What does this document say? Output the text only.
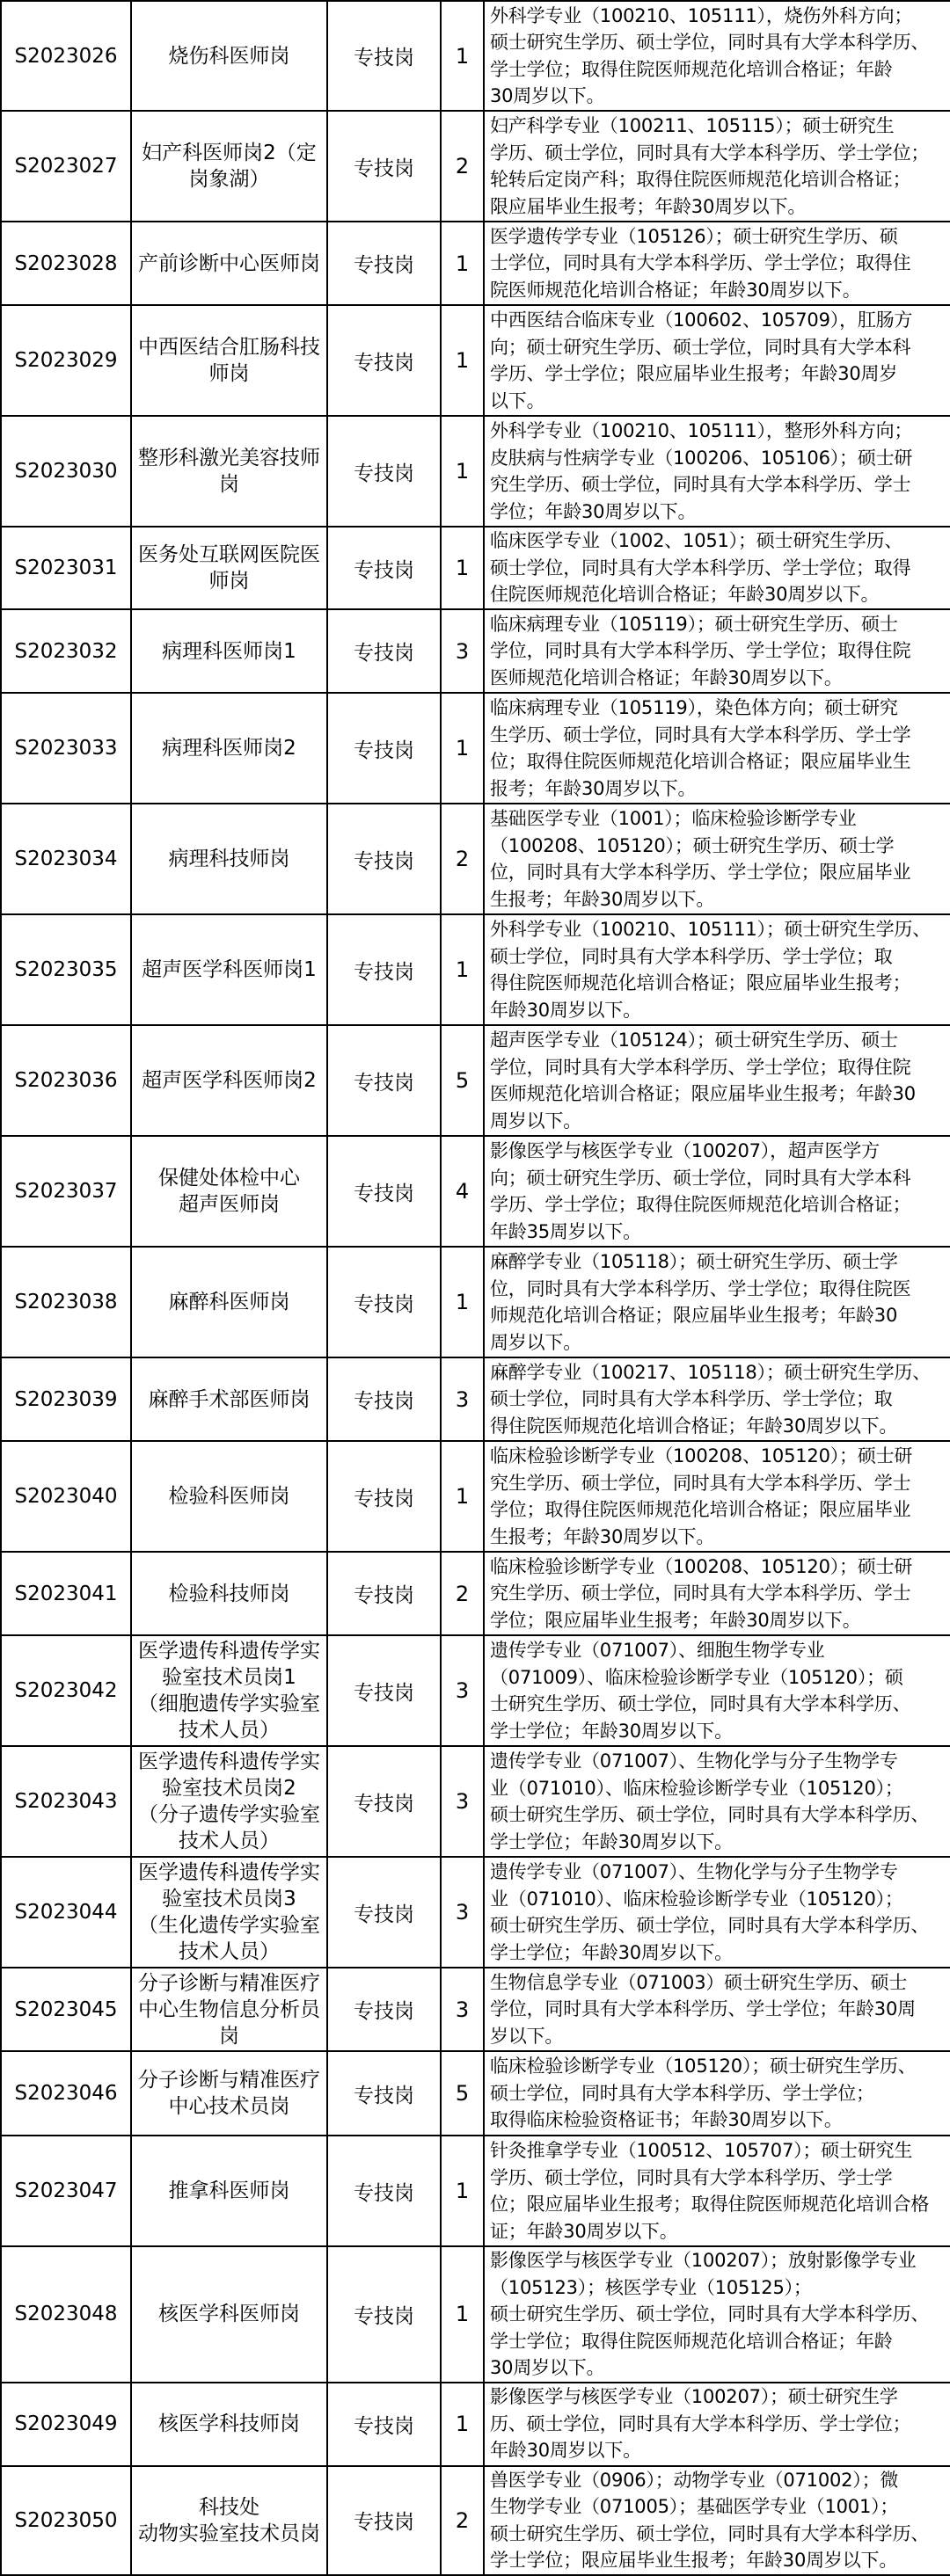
S2023026	烧伤科医师岗	专技岗	1	外科学专业（100210、105111），烧伤外科方向；
硕士研究生学历、硕士学位，同时具有大学本科学历、
学士学位；取得住院医师规范化培训合格证；年龄
30周岁以下。
S2023027	妇产科医师岗2（定
岗象湖）	专技岗	2	妇产科学专业（100211、105115）；硕士研究生
学历、硕士学位，同时具有大学本科学历、学士学位；
轮转后定岗产科；取得住院医师规范化培训合格证；
限应届毕业生报考；年龄30周岁以下。
S2023028	产前诊断中心医师岗	专技岗	1	医学遗传学专业（105126）；硕士研究生学历、硕
士学位，同时具有大学本科学历、学士学位；取得住
院医师规范化培训合格证；年龄30周岁以下。
S2023029	中西医结合肛肠科技
师岗	专技岗	1	中西医结合临床专业（100602、105709），肛肠方
向；硕士研究生学历、硕士学位，同时具有大学本科
学历、学士学位；限应届毕业生报考；年龄30周岁
以下。
S2023030	整形科激光美容技师
岗	专技岗	1	外科学专业（100210、105111），整形外科方向；
皮肤病与性病学专业（100206、105106）；硕士研
究生学历、硕士学位，同时具有大学本科学历、学士
学位；年龄30周岁以下。
S2023031	医务处互联网医院医
师岗	专技岗	1	临床医学专业（1002、1051）；硕士研究生学历、
硕士学位，同时具有大学本科学历、学士学位；取得
住院医师规范化培训合格证；年龄30周岁以下。
S2023032	病理科医师岗1	专技岗	3	临床病理专业（105119）；硕士研究生学历、硕士
学位，同时具有大学本科学历、学士学位；取得住院
医师规范化培训合格证；年龄30周岁以下。
S2023033	病理科医师岗2	专技岗	1	临床病理专业（105119），染色体方向；硕士研究
生学历、硕士学位，同时具有大学本科学历、学士学
位；取得住院医师规范化培训合格证；限应届毕业生
报考；年龄30周岁以下。
S2023034	病理科技师岗	专技岗	2	基础医学专业（1001）；临床检验诊断学专业
（100208、105120）；硕士研究生学历、硕士学
位，同时具有大学本科学历、学士学位；限应届毕业
生报考；年龄30周岁以下。
S2023035	超声医学科医师岗1	专技岗	1	外科学专业（100210、105111）；硕士研究生学历、
硕士学位，同时具有大学本科学历、学士学位；取
得住院医师规范化培训合格证；限应届毕业生报考；
年龄30周岁以下。
S2023036	超声医学科医师岗2	专技岗	5	超声医学专业（105124）；硕士研究生学历、硕士
学位，同时具有大学本科学历、学士学位；取得住院
医师规范化培训合格证；限应届毕业生报考；年龄30
周岁以下。
S2023037	保健处体检中心
超声医师岗	专技岗	4	影像医学与核医学专业（100207），超声医学方
向；硕士研究生学历、硕士学位，同时具有大学本科
学历、学士学位；取得住院医师规范化培训合格证；
年龄35周岁以下。
S2023038	麻醉科医师岗	专技岗	1	麻醉学专业（105118）；硕士研究生学历、硕士学
位，同时具有大学本科学历、学士学位；取得住院医
师规范化培训合格证；限应届毕业生报考；年龄30
周岁以下。
S2023039	麻醉手术部医师岗	专技岗	3	麻醉学专业（100217、105118）；硕士研究生学历、
硕士学位，同时具有大学本科学历、学士学位；取
得住院医师规范化培训合格证；年龄30周岁以下。
S2023040	检验科医师岗	专技岗	1	临床检验诊断学专业（100208、105120）；硕士研
究生学历、硕士学位，同时具有大学本科学历、学士
学位；取得住院医师规范化培训合格证；限应届毕业
生报考；年龄30周岁以下。
S2023041	检验科技师岗	专技岗	2	临床检验诊断学专业（100208、105120）；硕士研
究生学历、硕士学位，同时具有大学本科学历、学士
学位；限应届毕业生报考；年龄30周岁以下。
S2023042	医学遗传科遗传学实
验室技术员岗1
（细胞遗传学实验室
技术人员）	专技岗	3	遗传学专业（071007）、细胞生物学专业
（071009）、临床检验诊断学专业（105120）；硕
士研究生学历、硕士学位，同时具有大学本科学历、
学士学位；年龄30周岁以下。
S2023043	医学遗传科遗传学实
验室技术员岗2
（分子遗传学实验室
技术人员）	专技岗	3	遗传学专业（071007）、生物化学与分子生物学专
业（071010）、临床检验诊断学专业（105120）；
硕士研究生学历、硕士学位，同时具有大学本科学历、
学士学位；年龄30周岁以下。
S2023044	医学遗传科遗传学实
验室技术员岗3
（生化遗传学实验室
技术人员）	专技岗	3	遗传学专业（071007）、生物化学与分子生物学专
业（071010）、临床检验诊断学专业（105120）；
硕士研究生学历、硕士学位，同时具有大学本科学历、
学士学位；年龄30周岁以下。
S2023045	分子诊断与精准医疗
中心生物信息分析员
岗	专技岗	3	生物信息学专业（071003）硕士研究生学历、硕士
学位，同时具有大学本科学历、学士学位；年龄30周
岁以下。
S2023046	分子诊断与精准医疗
中心技术员岗	专技岗	5	临床检验诊断学专业（105120）；硕士研究生学历、
硕士学位，同时具有大学本科学历、学士学位；
取得临床检验资格证书；年龄30周岁以下。
S2023047	推拿科医师岗	专技岗	1	针灸推拿学专业（100512、105707）；硕士研究生
学历、硕士学位，同时具有大学本科学历、学士学
位；限应届毕业生报考；取得住院医师规范化培训合格
证；年龄30周岁以下。
S2023048	核医学科医师岗	专技岗	1	影像医学与核医学专业（100207）；放射影像学专业
（105123）；核医学专业（105125）；
硕士研究生学历、硕士学位，同时具有大学本科学历、
学士学位；取得住院医师规范化培训合格证；年龄
30周岁以下。
S2023049	核医学科技师岗	专技岗	1	影像医学与核医学专业（100207）；硕士研究生学
历、硕士学位，同时具有大学本科学历、学士学位；
年龄30周岁以下。
S2023050	科技处
动物实验室技术员岗	专技岗	2	兽医学专业（0906）；动物学专业（071002）；微
生物学专业（071005）；基础医学专业（1001）；
硕士研究生学历、硕士学位，同时具有大学本科学历、
学士学位；限应届毕业生报考；年龄30周岁以下。
